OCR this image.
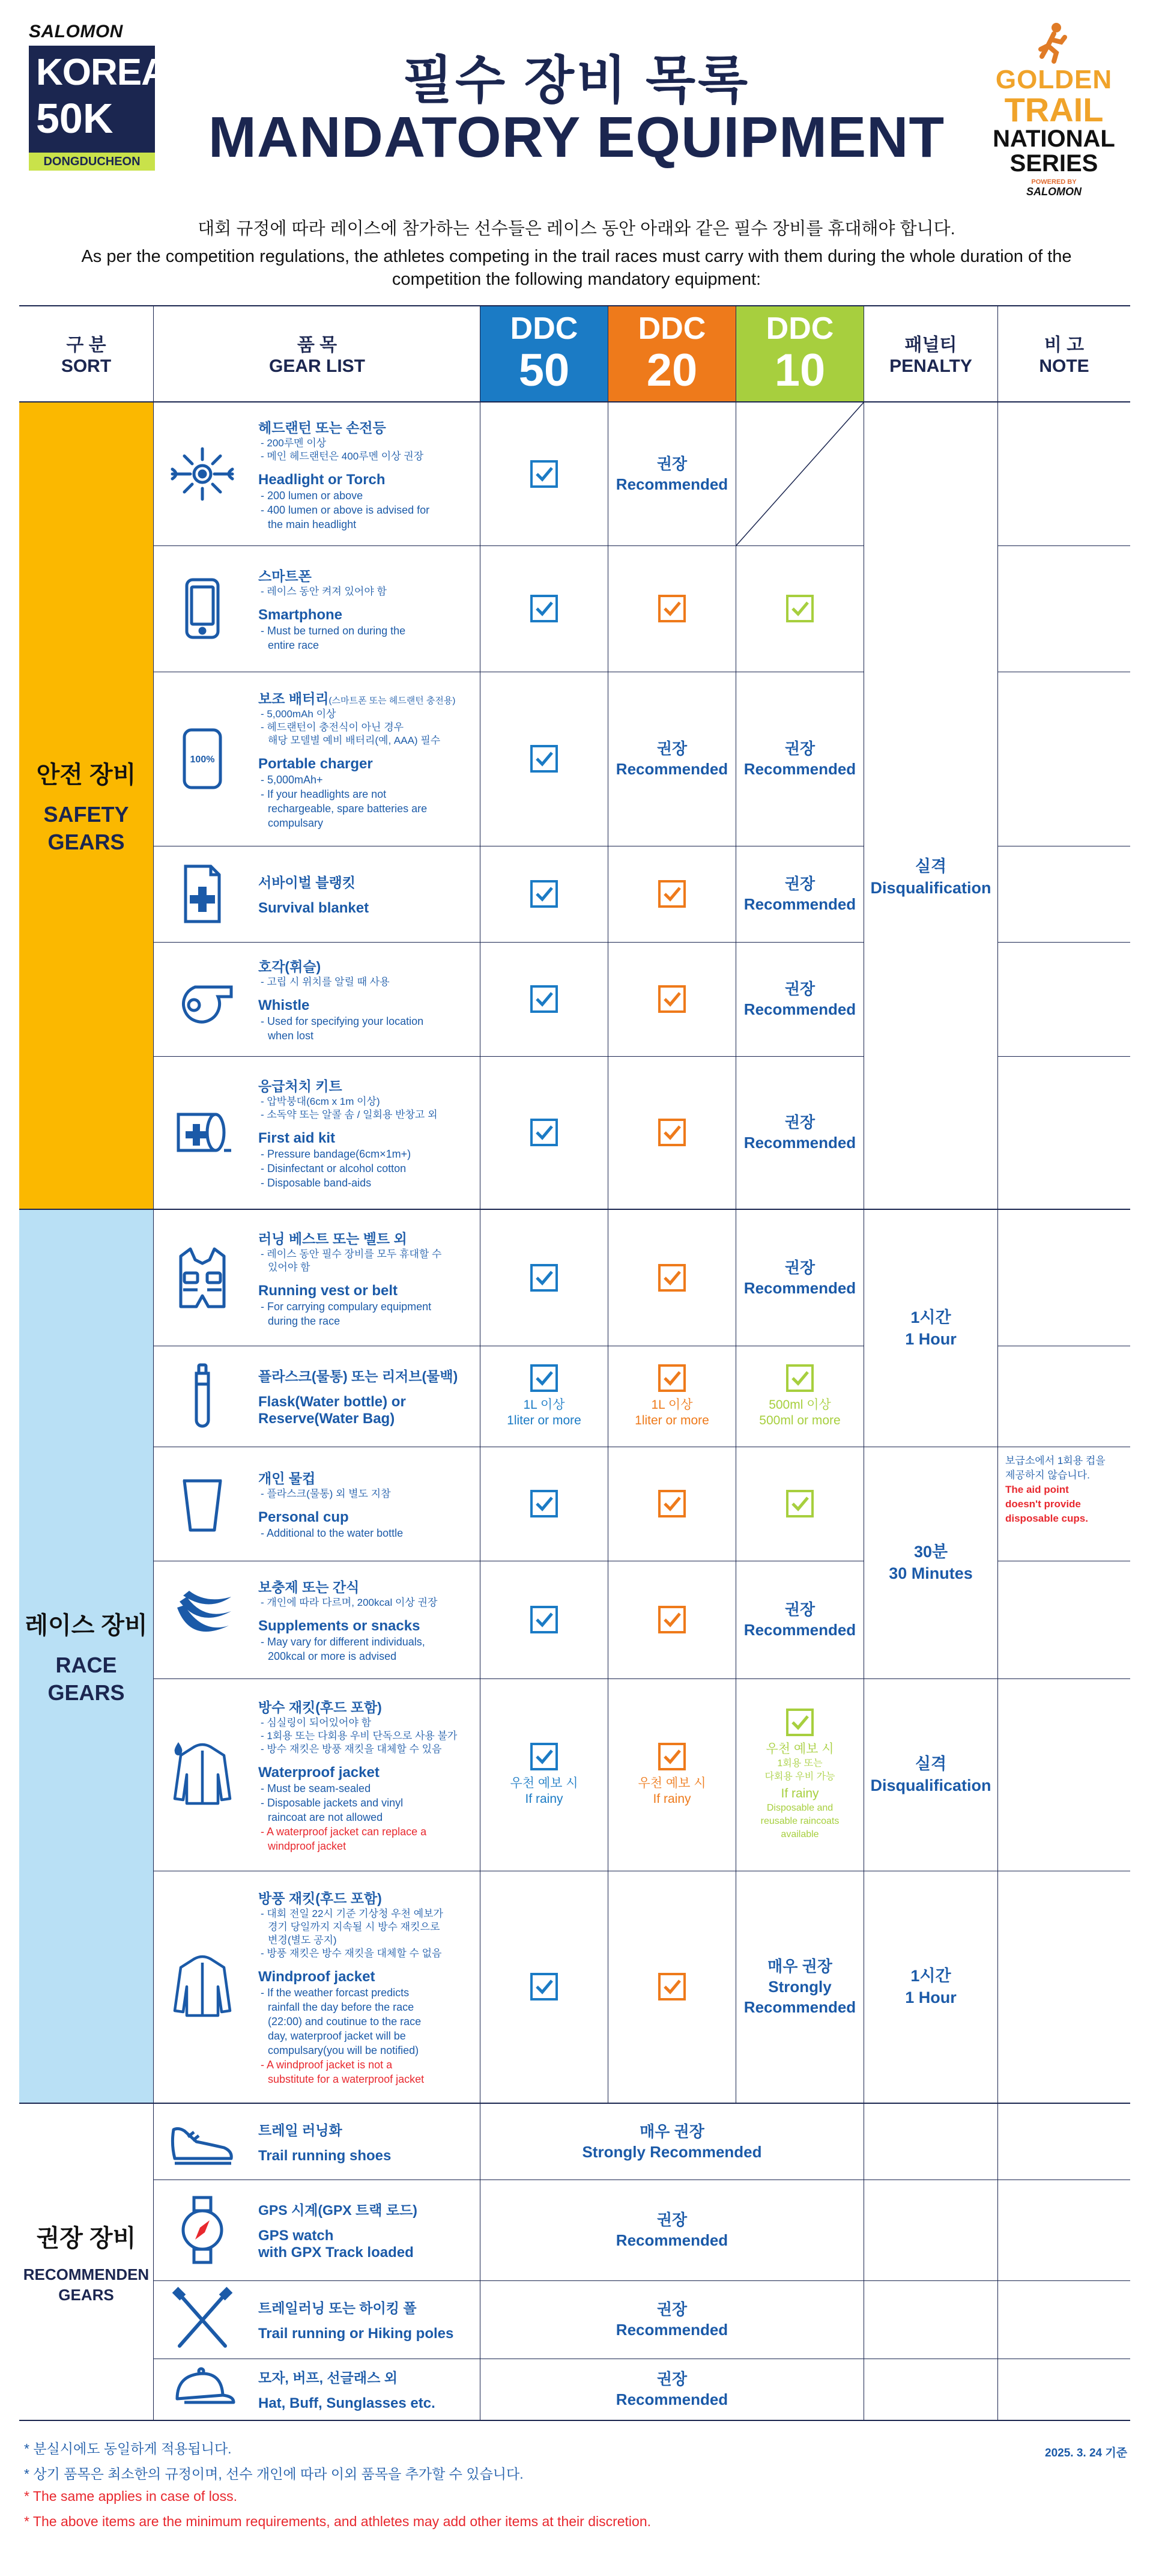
SALOMON
KOREA
50K
DONGDUCHEON
필수 장비 목록
MANDATORY EQUIPMENT
GOLDEN
TRAIL
NATIONAL
SERIES
POWERED BY
SALOMON
대회 규정에 따라 레이스에 참가하는 선수들은 레이스 동안 아래와 같은 필수 장비를 휴대해야 합니다.
As per the competition regulations, the athletes competing in the trail races must carry with them during the whole duration of the competition the following mandatory equipment:
구 분
SORT
품 목
GEAR LIST
DDC
50
DDC
20
DDC
10	패널티
PENALTY
비 고
NOTE
안전 장비
SAFETY
GEARS
레이스 장비
RACE
GEARS
권장 장비
RECOMMENDEN
GEARS
헤드랜턴 또는 손전등
- 200루멘 이상
- 메인 헤드랜턴은 400루멘 이상 권장
Headlight or Torch
- 200 lumen or above
- 400 lumen or above is advised for
the main headlight
스마트폰
- 레이스 동안 켜져 있어야 함
Smartphone
- Must be turned on during the
entire race
100%
보조 배터리(스마트폰 또는 헤드랜턴 충전용)
- 5,000mAh 이상
- 헤드랜턴이 충전식이 아닌 경우
해당 모델별 예비 배터리(예, AAA) 필수
Portable charger
- 5,000mAh+
- If your headlights are not
rechargeable, spare batteries are
compulsary
서바이벌 블랭킷
Survival blanket
호각(휘슬)
- 고립 시 위치를 알릴 때 사용
Whistle
- Used for specifying your location
when lost
응급처치 키트
- 압박붕대(6cm x 1m 이상)
- 소독약 또는 알콜 솜 / 일회용 반창고 외
First aid kit
- Pressure bandage(6cm×1m+)
- Disinfectant or alcohol cotton
- Disposable band-aids
러닝 베스트 또는 벨트 외
- 레이스 동안 필수 장비를 모두 휴대할 수
있어야 함
Running vest or belt
- For carrying compulary equipment
during the race
플라스크(물통) 또는 리저브(물백)
Flask(Water bottle) or
Reserve(Water Bag)
개인 물컵
- 플라스크(물통) 외 별도 지참
Personal cup
- Additional to the water bottle
보충제 또는 간식
- 개인에 따라 다르며, 200kcal 이상 권장
Supplements or snacks
- May vary for different individuals,
200kcal or more is advised
방수 재킷(후드 포함)
- 심실링이 되어있어야 함
- 1회용 또는 다회용 우비 단독으로 사용 불가
- 방수 재킷은 방풍 재킷을 대체할 수 있음
Waterproof jacket
- Must be seam-sealed
- Disposable jackets and vinyl
raincoat are not allowed
- A waterproof jacket can replace a
windproof jacket
방풍 재킷(후드 포함)
- 대회 전일 22시 기준 기상청 우천 예보가
경기 당일까지 지속될 시 방수 재킷으로
변경(별도 공지)
- 방풍 재킷은 방수 재킷을 대체할 수 없음
Windproof jacket
- If the weather forcast predicts
rainfall the day before the race
(22:00) and coutinue to the race
day, waterproof jacket will be
compulsary(you will be notified)
- A windproof jacket is not a
substitute for a waterproof jacket
트레일 러닝화
Trail running shoes
GPS 시계(GPX 트랙 로드)
GPS watch
with GPX Track loaded
트레일러닝 또는 하이킹 폴
Trail running or Hiking poles
모자, 버프, 선글래스 외
Hat, Buff, Sunglasses etc.
권장
Recommended
권장
Recommended
권장
Recommended
권장
Recommended
권장
Recommended
권장
Recommended
권장
Recommended
1L 이상
1liter or more
1L 이상
1liter or more
500ml 이상
500ml or more
권장
Recommended
우천 예보 시
If rainy
우천 예보 시
If rainy
우천 예보 시
1회용 또는
다회용 우비 가능
If rainy
Disposable and
reusable raincoats
available
매우 권장
Strongly
Recommended
매우 권장
Strongly Recommended
권장
Recommended
권장
Recommended
권장
Recommended
실격
Disqualification
1시간
1 Hour
30분
30 Minutes
실격
Disqualification
1시간
1 Hour
보급소에서 1회용 컵을
제공하지 않습니다.
The aid point
doesn't provide
disposable cups.
* 분실시에도 동일하게 적용됩니다.	2025. 3. 24 기준
* 상기 품목은 최소한의 규정이며, 선수 개인에 따라 이외 품목을 추가할 수 있습니다.
* The same applies in case of loss.
* The above items are the minimum requirements, and athletes may add other items at their discretion.
